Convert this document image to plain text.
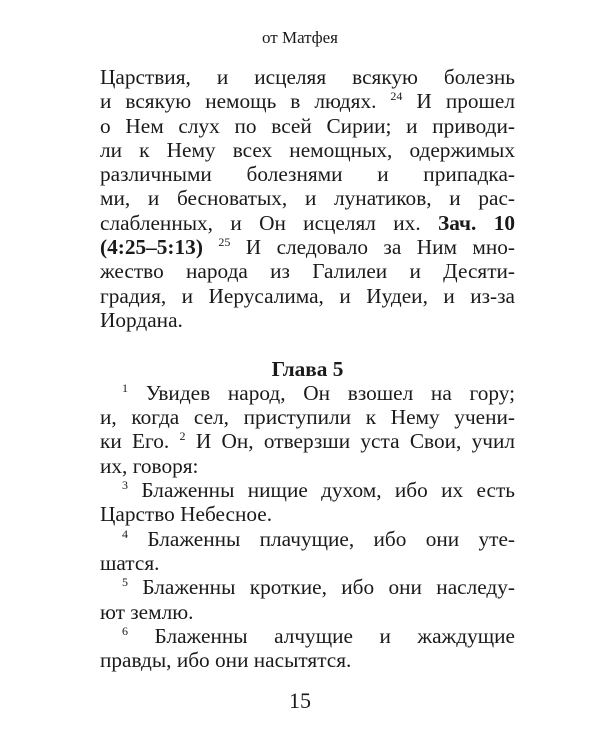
от Матфея
Царствия, и исцеляя всякую болезнь
и всякую немощь в людях. $^{24}$ И прошел
о Нем слух по всей Сирии; и приводи-
ли к Нему всех немощных, одержимых
различными болезнями и припадка-
ми, и бесноватых, и лунатиков, и рас-
слабленных, и Он исцелял их. Зач. 10
(4:25–5:13) $^{25}$ И следовало за Ним мно-
жество народа из Галилеи и Десяти-
градия, и Иерусалима, и Иудеи, и из-за
Иордана.
Глава 5
$^1$ Увидев народ, Он взошел на гору;
и, когда сел, приступили к Нему учени-
ки Его. $^2$ И Он, отверзши уста Свои, учил
их, говоря:
$^3$ Блаженны нищие духом, ибо их есть
Царство Небесное.
$^4$ Блаженны плачущие, ибо они уте-
шатся.
$^5$ Блаженны кроткие, ибо они наследу-
ют землю.
$^6$ Блаженны алчущие и жаждущие
правды, ибо они насытятся.
15
